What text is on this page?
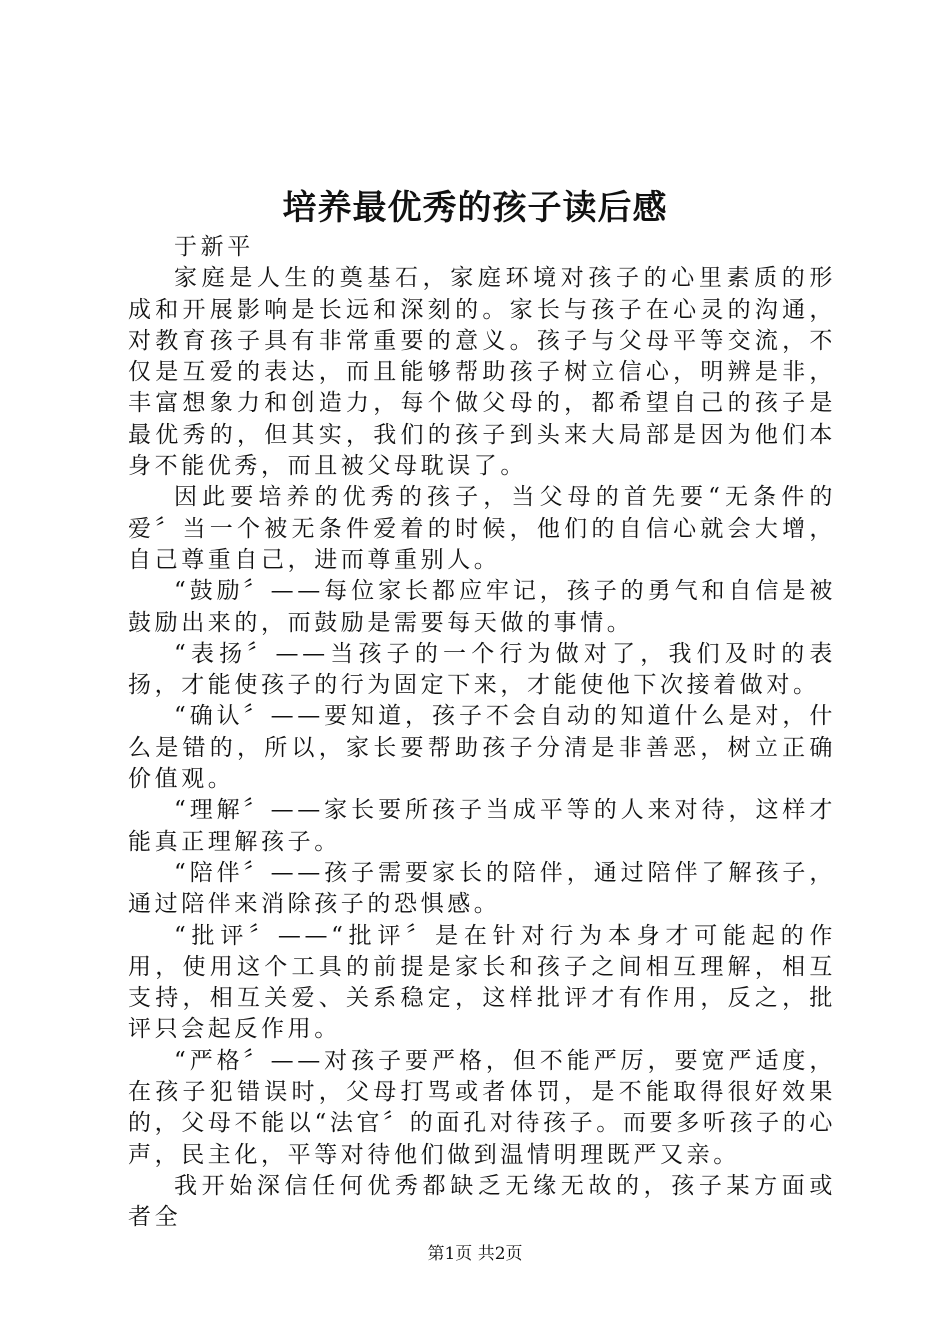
培养最优秀的孩子读后感

于新平

家庭是人生的奠基石，家庭环境对孩子的心里素质的形成和开展影响是长远和深刻的。家长与孩子在心灵的沟通，对教育孩子具有非常重要的意义。孩子与父母平等交流，不仅是互爱的表达，而且能够帮助孩子树立信心，明辨是非，丰富想象力和创造力，每个做父母的，都希望自己的孩子是最优秀的，但其实，我们的孩子到头来大局部是因为他们本身不能优秀，而且被父母耽误了。

因此要培养的优秀的孩子，当父母的首先要“无条件的爱〞当一个被无条件爱着的时候，他们的自信心就会大增，自己尊重自己，进而尊重别人。

“鼓励〞——每位家长都应牢记，孩子的勇气和自信是被鼓励出来的，而鼓励是需要每天做的事情。

“表扬〞——当孩子的一个行为做对了，我们及时的表扬，才能使孩子的行为固定下来，才能使他下次接着做对。

“确认〞——要知道，孩子不会自动的知道什么是对，什么是错的，所以，家长要帮助孩子分清是非善恶，树立正确价值观。

“理解〞——家长要所孩子当成平等的人来对待，这样才能真正理解孩子。

“陪伴〞——孩子需要家长的陪伴，通过陪伴了解孩子，通过陪伴来消除孩子的恐惧感。

“批评〞——“批评〞是在针对行为本身才可能起的作用，使用这个工具的前提是家长和孩子之间相互理解，相互支持，相互关爱、关系稳定，这样批评才有作用，反之，批评只会起反作用。

“严格〞——对孩子要严格，但不能严厉，要宽严适度，在孩子犯错误时，父母打骂或者体罚，是不能取得很好效果的，父母不能以“法官〞的面孔对待孩子。而要多听孩子的心声，民主化，平等对待他们做到温情明理既严又亲。

我开始深信任何优秀都缺乏无缘无故的，孩子某方面或者全

第1页 共2页
